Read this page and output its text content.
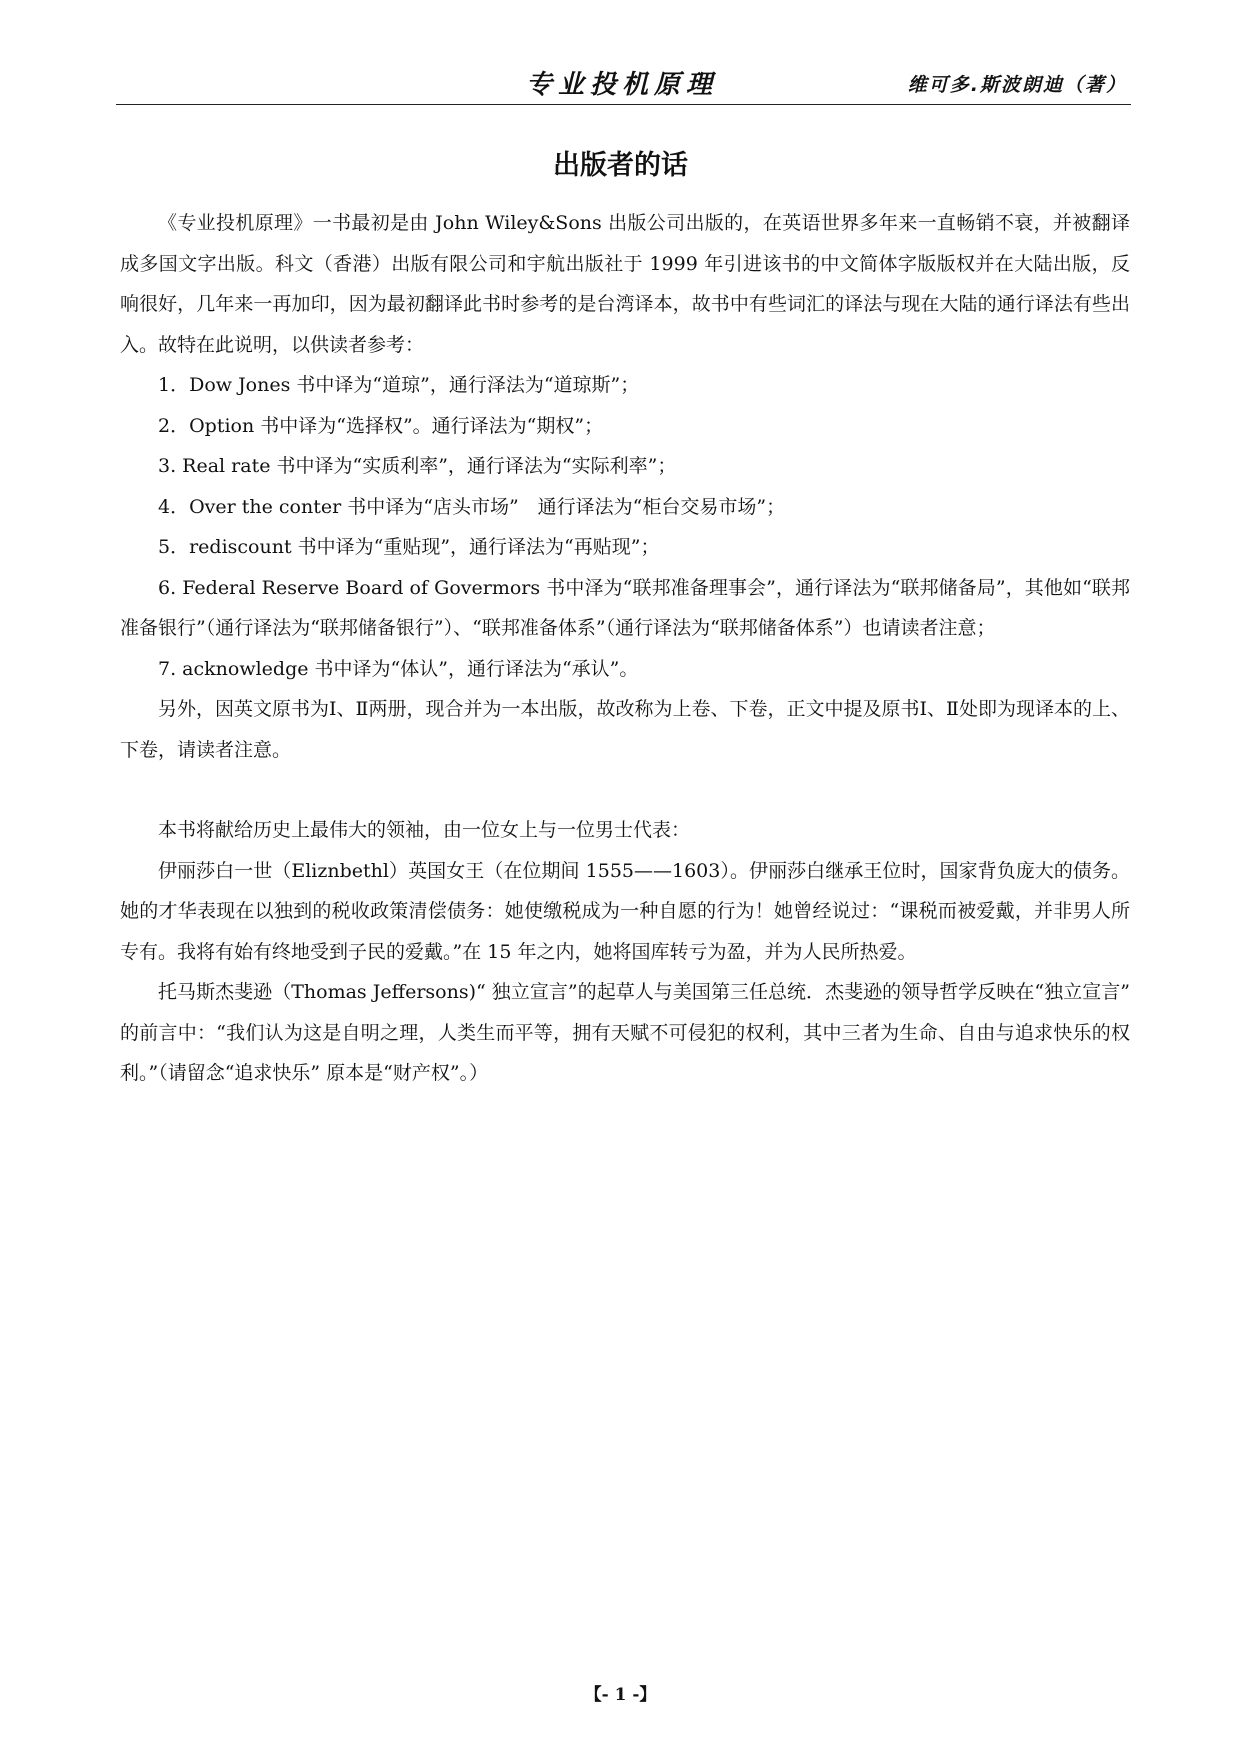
专业投机原理	维可多.斯波朗迪（著）
出版者的话

《专业投机原理》一书最初是由 John Wiley&Sons 出版公司出版的，在英语世界多年来一直畅销不衰，并被翻译成多国文字出版。科文（香港）出版有限公司和宇航出版社于 1999 年引进该书的中文简体字版版权并在大陆出版，反响很好，几年来一再加印，因为最初翻译此书时参考的是台湾译本，故书中有些词汇的译法与现在大陆的通行译法有些出入。故特在此说明，以供读者参考：

1．Dow Jones 书中译为“道琼”，通行泽法为“道琼斯”；

2．Option 书中译为“选择权”。通行译法为“期权”；

3. Real rate 书中译为“实质利率”，通行译法为“实际利率”；

4．Over the conter 书中译为“店头市场”　通行译法为“柜台交易市场”；

5．rediscount 书中译为“重贴现”，通行译法为“再贴现”；

6. Federal Reserve Board of Govermors 书中泽为“联邦准备理事会”，通行译法为“联邦储备局”，其他如“联邦准备银行”（通行译法为“联邦储备银行”）、“联邦准备体系”（通行译法为“联邦储备体系”）也请读者注意；

7. acknowledge 书中译为“体认”，通行译法为“承认”。

另外，因英文原书为Ⅰ、Ⅱ两册，现合并为一本出版，故改称为上卷、下卷，正文中提及原书Ⅰ、Ⅱ处即为现译本的上、下卷，请读者注意。

本书将献给历史上最伟大的领袖，由一位女上与一位男士代表：

伊丽莎白一世（Eliznbethl）英国女王（在位期间 1555——1603）。伊丽莎白继承王位时，国家背负庞大的债务。她的才华表现在以独到的税收政策清偿债务：她使缴税成为一种自愿的行为！她曾经说过：“课税而被爱戴，并非男人所专有。我将有始有终地受到子民的爱戴。”在 15 年之内，她将国库转亏为盈，并为人民所热爱。

托马斯杰斐逊（Thomas Jeffersons)“ 独立宣言”的起草人与美国第三任总统．杰斐逊的领导哲学反映在“独立宣言” 的前言中：“我们认为这是自明之理，人类生而平等，拥有天赋不可侵犯的权利，其中三者为生命、自由与追求快乐的权利。”（请留念“追求快乐” 原本是“财产权”。）

【- 1 -】
